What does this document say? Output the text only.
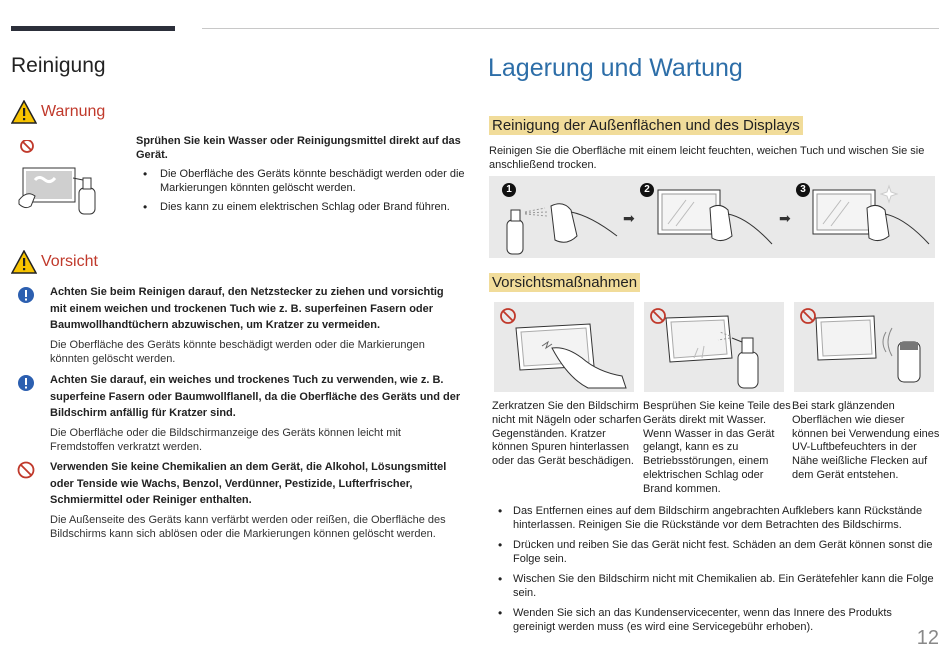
Reinigung
Warnung
Sprühen Sie kein Wasser oder Reinigungsmittel direkt auf das Gerät.
• Die Oberfläche des Geräts könnte beschädigt werden oder die Markierungen könnten gelöscht werden.
• Dies kann zu einem elektrischen Schlag oder Brand führen.
Vorsicht
Achten Sie beim Reinigen darauf, den Netzstecker zu ziehen und vorsichtig mit einem weichen und trockenen Tuch wie z. B. superfeinen Fasern oder Baumwollhandtüchern abzuwischen, um Kratzer zu vermeiden.
Die Oberfläche des Geräts könnte beschädigt werden oder die Markierungen könnten gelöscht werden.
Achten Sie darauf, ein weiches und trockenes Tuch zu verwenden, wie z. B. superfeine Fasern oder Baumwollflanell, da die Oberfläche des Geräts und der Bildschirm anfällig für Kratzer sind.
Die Oberfläche oder die Bildschirmanzeige des Geräts können leicht mit Fremdstoffen verkratzt werden.
Verwenden Sie keine Chemikalien an dem Gerät, die Alkohol, Lösungsmittel oder Tenside wie Wachs, Benzol, Verdünner, Pestizide, Lufterfrischer, Schmiermittel oder Reiniger enthalten.
Die Außenseite des Geräts kann verfärbt werden oder reißen, die Oberfläche des Bildschirms kann sich ablösen oder die Markierungen können gelöscht werden.
Lagerung und Wartung
Reinigung der Außenflächen und des Displays
Reinigen Sie die Oberfläche mit einem leicht feuchten, weichen Tuch und wischen Sie sie anschließend trocken.
1
➡
2
➡
3
Vorsichtsmaßnahmen
Zerkratzen Sie den Bildschirm nicht mit Nägeln oder scharfen Gegenständen. Kratzer können Spuren hinterlassen oder das Gerät beschädigen.
Besprühen Sie keine Teile des Geräts direkt mit Wasser. Wenn Wasser in das Gerät gelangt, kann es zu Betriebsstörungen, einem elektrischen Schlag oder Brand kommen.
Bei stark glänzenden Oberflächen wie dieser können bei Verwendung eines UV-Luftbefeuchters in der Nähe weißliche Flecken auf dem Gerät entstehen.
• Das Entfernen eines auf dem Bildschirm angebrachten Aufklebers kann Rückstände hinterlassen. Reinigen Sie die Rückstände vor dem Betrachten des Bildschirms.
• Drücken und reiben Sie das Gerät nicht fest. Schäden an dem Gerät können sonst die Folge sein.
• Wischen Sie den Bildschirm nicht mit Chemikalien ab. Ein Gerätefehler kann die Folge sein.
• Wenden Sie sich an das Kundenservicecenter, wenn das Innere des Produkts gereinigt werden muss (es wird eine Servicegebühr erhoben).	12
